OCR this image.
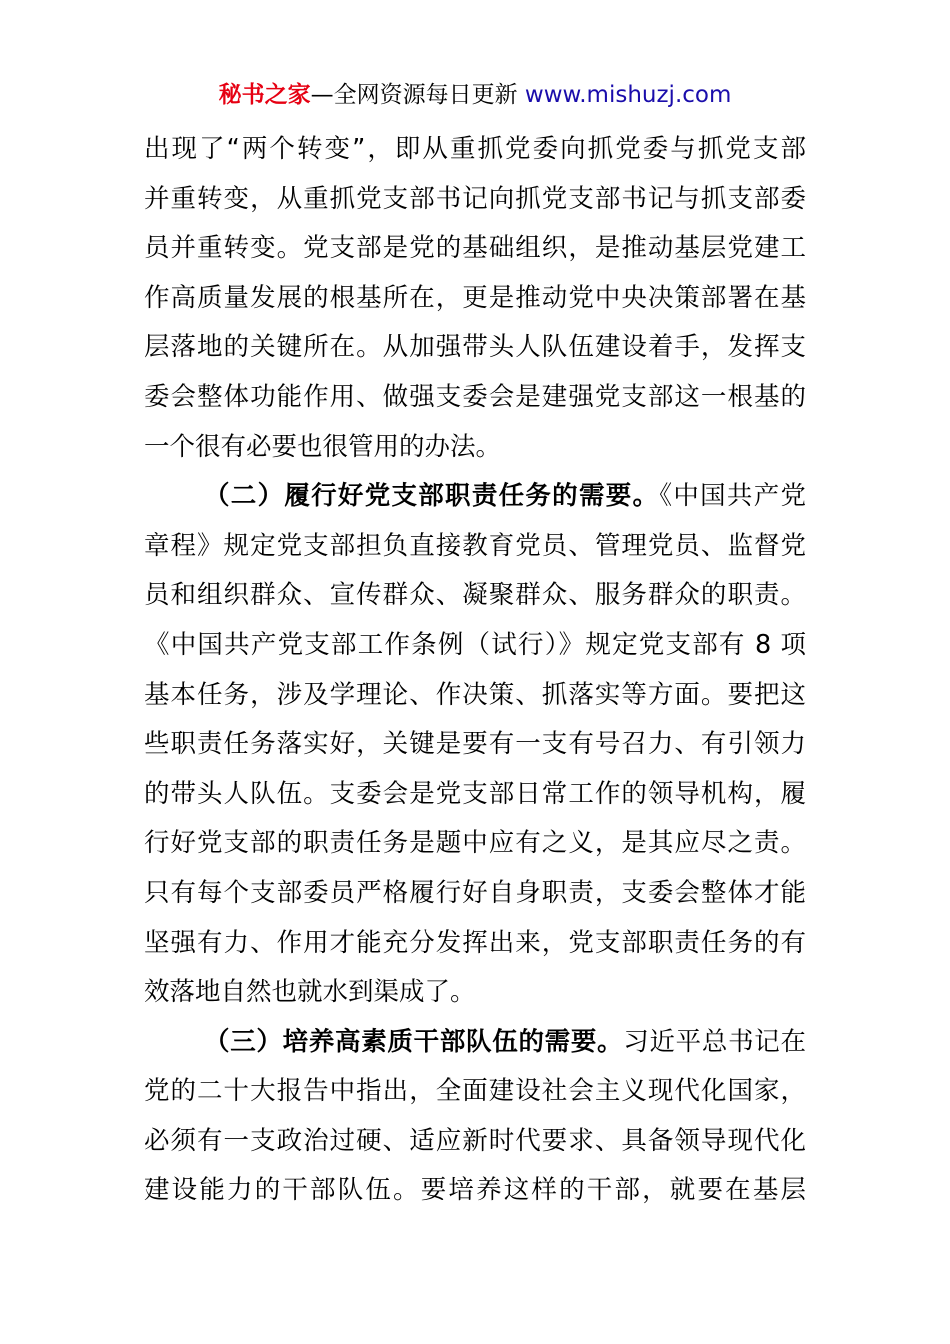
秘书之家—全网资源每日更新 www.mishuzj.com
出现了“两个转变”，即从重抓党委向抓党委与抓党支部
并重转变，从重抓党支部书记向抓党支部书记与抓支部委
员并重转变。党支部是党的基础组织，是推动基层党建工
作高质量发展的根基所在，更是推动党中央决策部署在基
层落地的关键所在。从加强带头人队伍建设着手，发挥支
委会整体功能作用、做强支委会是建强党支部这一根基的
一个很有必要也很管用的办法。
（二）履行好党支部职责任务的需要。《中国共产党
章程》规定党支部担负直接教育党员、管理党员、监督党
员和组织群众、宣传群众、凝聚群众、服务群众的职责。
《中国共产党支部工作条例（试行）》规定党支部有 8 项
基本任务，涉及学理论、作决策、抓落实等方面。要把这
些职责任务落实好，关键是要有一支有号召力、有引领力
的带头人队伍。支委会是党支部日常工作的领导机构，履
行好党支部的职责任务是题中应有之义，是其应尽之责。
只有每个支部委员严格履行好自身职责，支委会整体才能
坚强有力、作用才能充分发挥出来，党支部职责任务的有
效落地自然也就水到渠成了。
（三）培养高素质干部队伍的需要。习近平总书记在
党的二十大报告中指出，全面建设社会主义现代化国家，
必须有一支政治过硬、适应新时代要求、具备领导现代化
建设能力的干部队伍。要培养这样的干部，就要在基层
